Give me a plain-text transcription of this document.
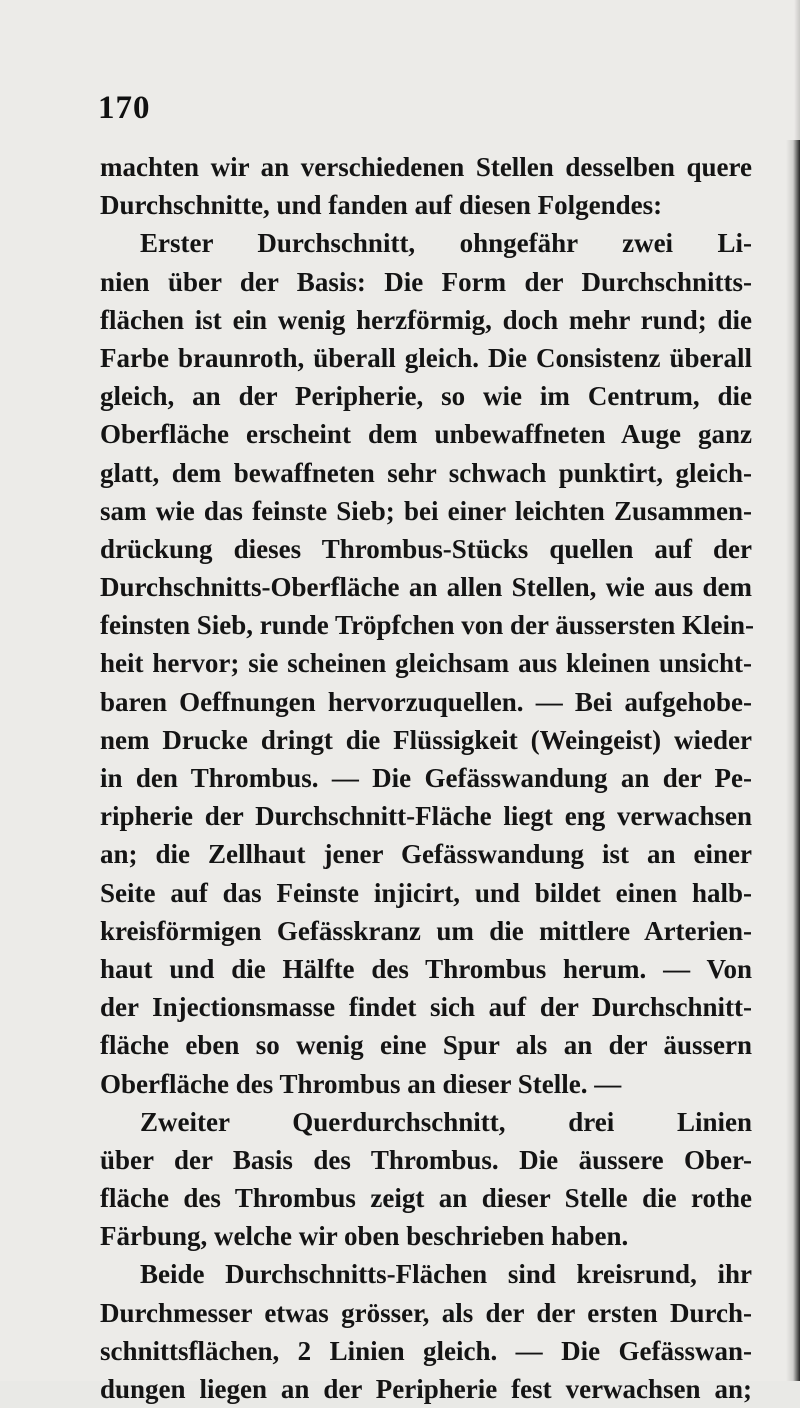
170
machten wir an verschiedenen Stellen desselben quere
Durchschnitte, und fanden auf diesen Folgendes:
Erster Durchschnitt, ohngefähr zwei Li-
nien über der Basis: Die Form der Durchschnitts-
flächen ist ein wenig herzförmig, doch mehr rund; die
Farbe braunroth, überall gleich. Die Consistenz überall
gleich, an der Peripherie, so wie im Centrum, die
Oberfläche erscheint dem unbewaffneten Auge ganz
glatt, dem bewaffneten sehr schwach punktirt, gleich-
sam wie das feinste Sieb; bei einer leichten Zusammen-
drückung dieses Thrombus-Stücks quellen auf der
Durchschnitts-Oberfläche an allen Stellen, wie aus dem
feinsten Sieb, runde Tröpfchen von der äussersten Klein-
heit hervor; sie scheinen gleichsam aus kleinen unsicht-
baren Oeffnungen hervorzuquellen. — Bei aufgehobe-
nem Drucke dringt die Flüssigkeit (Weingeist) wieder
in den Thrombus. — Die Gefässwandung an der Pe-
ripherie der Durchschnitt-Fläche liegt eng verwachsen
an; die Zellhaut jener Gefässwandung ist an einer
Seite auf das Feinste injicirt, und bildet einen halb-
kreisförmigen Gefässkranz um die mittlere Arterien-
haut und die Hälfte des Thrombus herum. — Von
der Injectionsmasse findet sich auf der Durchschnitt-
fläche eben so wenig eine Spur als an der äussern
Oberfläche des Thrombus an dieser Stelle. —
Zweiter Querdurchschnitt, drei Linien
über der Basis des Thrombus. Die äussere Ober-
fläche des Thrombus zeigt an dieser Stelle die rothe
Färbung, welche wir oben beschrieben haben.
Beide Durchschnitts-Flächen sind kreisrund, ihr
Durchmesser etwas grösser, als der der ersten Durch-
schnittsflächen, 2 Linien gleich. — Die Gefässwan-
dungen liegen an der Peripherie fest verwachsen an;
